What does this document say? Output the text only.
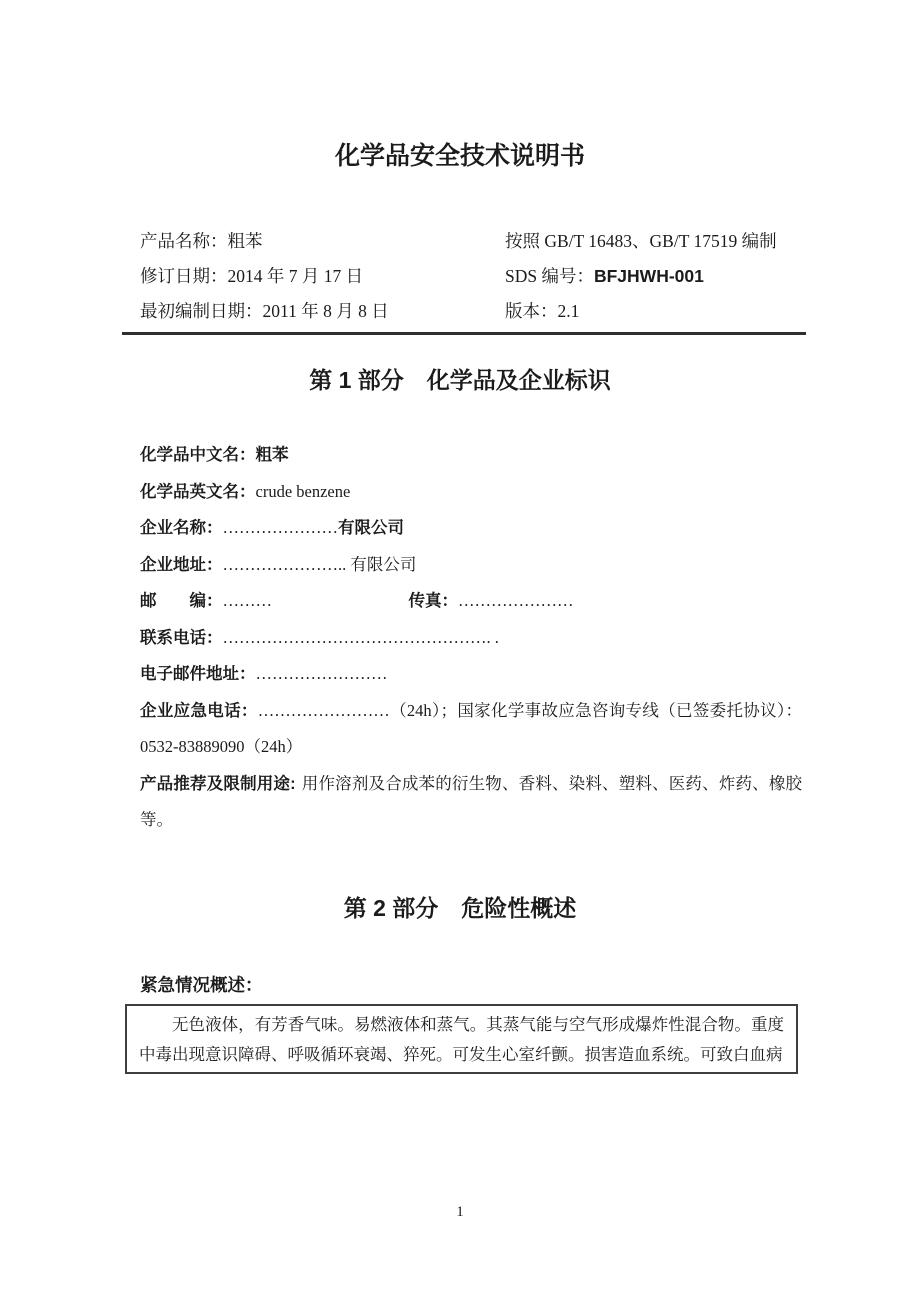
化学品安全技术说明书
产品名称：粗苯	按照 GB/T 16483、GB/T 17519 编制
修订日期：2014 年 7 月 17 日	SDS 编号：BFJHWH-001
最初编制日期：2011 年 8 月 8 日	版本：2.1
第 1 部分　化学品及企业标识

化学品中文名：粗苯

化学品英文名：crude benzene

企业名称：…………………有限公司

企业地址：………………….. 有限公司

邮　　编：………	传真：…………………

联系电话：…………………………………………. .

电子邮件地址：……………………

企业应急电话：……………………（24h）；国家化学事故应急咨询专线（已签委托协议）：0532-83889090（24h）

产品推荐及限制用途: 用作溶剂及合成苯的衍生物、香料、染料、塑料、医药、炸药、橡胶等。

第 2 部分　危险性概述
紧急情况概述：

无色液体，有芳香气味。易燃液体和蒸气。其蒸气能与空气形成爆炸性混合物。重度中毒出现意识障碍、呼吸循环衰竭、猝死。可发生心室纤颤。损害造血系统。可致白血病

1
